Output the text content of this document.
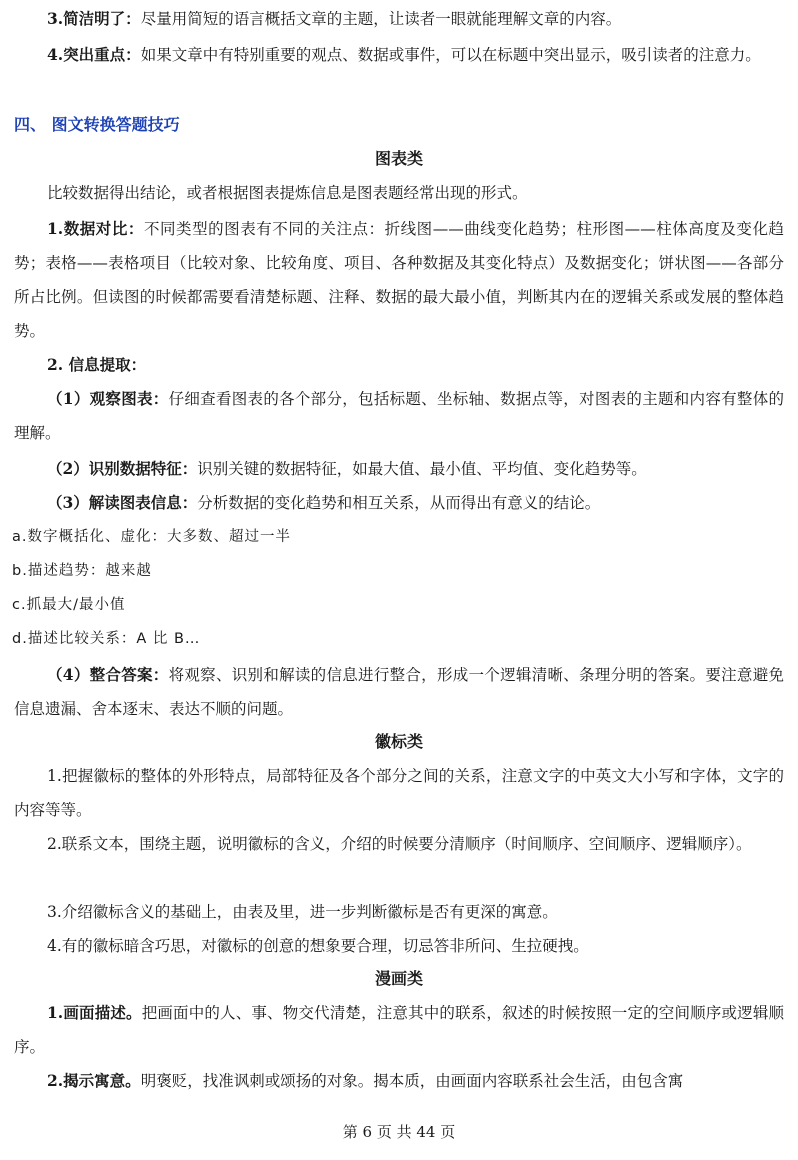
3.简洁明了：尽量用简短的语言概括文章的主题，让读者一眼就能理解文章的内容。

4.突出重点：如果文章中有特别重要的观点、数据或事件，可以在标题中突出显示，吸引读者的注意力。

四、 图文转换答题技巧
图表类

比较数据得出结论，或者根据图表提炼信息是图表题经常出现的形式。

1.数据对比：不同类型的图表有不同的关注点：折线图——曲线变化趋势；柱形图——柱体高度及变化趋势；表格——表格项目（比较对象、比较角度、项目、各种数据及其变化特点）及数据变化；饼状图——各部分所占比例。但读图的时候都需要看清楚标题、注释、数据的最大最小值，判断其内在的逻辑关系或发展的整体趋势。

2. 信息提取：

（1）观察图表：仔细查看图表的各个部分，包括标题、坐标轴、数据点等，对图表的主题和内容有整体的理解。

（2）识别数据特征：识别关键的数据特征，如最大值、最小值、平均值、变化趋势等。

（3）解读图表信息：分析数据的变化趋势和相互关系，从而得出有意义的结论。

a.数字概括化、虚化：大多数、超过一半

b.描述趋势：越来越

c.抓最大/最小值

d.描述比较关系：A 比 B…

（4）整合答案：将观察、识别和解读的信息进行整合，形成一个逻辑清晰、条理分明的答案。要注意避免信息遗漏、舍本逐末、表达不顺的问题。

徽标类

1.把握徽标的整体的外形特点，局部特征及各个部分之间的关系，注意文字的中英文大小写和字体，文字的内容等等。

2.联系文本，围绕主题，说明徽标的含义，介绍的时候要分清顺序（时间顺序、空间顺序、逻辑顺序）。

3.介绍徽标含义的基础上，由表及里，进一步判断徽标是否有更深的寓意。

4.有的徽标暗含巧思，对徽标的创意的想象要合理，切忌答非所问、生拉硬拽。

漫画类

1.画面描述。把画面中的人、事、物交代清楚，注意其中的联系，叙述的时候按照一定的空间顺序或逻辑顺序。

2.揭示寓意。明褒贬，找准讽刺或颂扬的对象。揭本质，由画面内容联系社会生活，由包含寓

第 6 页 共 44 页
